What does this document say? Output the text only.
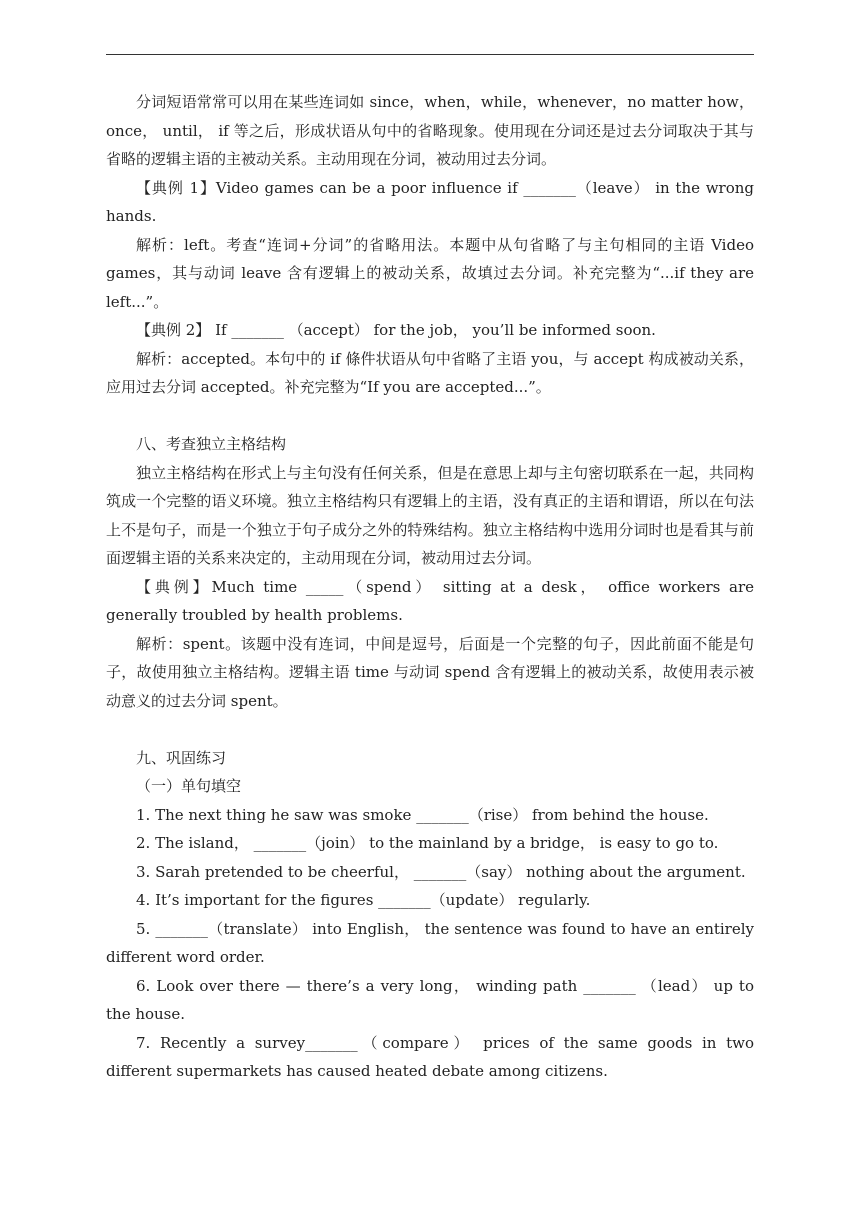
分词短语常常可以用在某些连词如 since，when，while，whenever，no matter how，once， until， if 等之后，形成状语从句中的省略现象。使用现在分词还是过去分词取决于其与省略的逻辑主语的主被动关系。主动用现在分词，被动用过去分词。

【典例 1】Video games can be a poor influence if _______（leave） in the wrong hands.

解析：left。考查“连词+分词”的省略用法。本题中从句省略了与主句相同的主语 Video games，其与动词 leave 含有逻辑上的被动关系，故填过去分词。补充完整为“...if they are left...”。

【典例 2】 If _______ （accept） for the job， you’ll be informed soon.

解析：accepted。本句中的 if 條件状语从句中省略了主语 you，与 accept 构成被动关系，应用过去分词 accepted。补充完整为“If you are accepted...”。

八、考查独立主格结构

独立主格结构在形式上与主句没有任何关系，但是在意思上却与主句密切联系在一起，共同构筑成一个完整的语义环境。独立主格结构只有逻辑上的主语，没有真正的主语和谓语，所以在句法上不是句子，而是一个独立于句子成分之外的特殊结构。独立主格结构中选用分词时也是看其与前面逻辑主语的关系来决定的，主动用现在分词，被动用过去分词。

【典例】Much time _____（spend） sitting at a desk， office workers are generally troubled by health problems.

解析：spent。该题中没有连词，中间是逗号，后面是一个完整的句子，因此前面不能是句子，故使用独立主格结构。逻辑主语 time 与动词 spend 含有逻辑上的被动关系，故使用表示被动意义的过去分词 spent。

九、巩固练习

（一）单句填空

1. The next thing he saw was smoke _______（rise） from behind the house.

2. The island， _______（join） to the mainland by a bridge， is easy to go to.

3. Sarah pretended to be cheerful， _______（say） nothing about the argument.

4. It’s important for the figures _______（update） regularly.

5. _______（translate） into English， the sentence was found to have an entirely different word order.

6. Look over there — there’s a very long， winding path _______ （lead） up to the house.

7. Recently a survey_______（compare） prices of the same goods in two different supermarkets has caused heated debate among citizens.
